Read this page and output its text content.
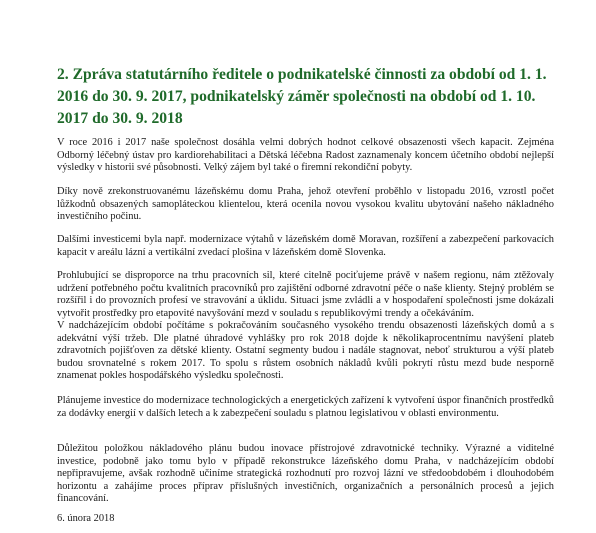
2. Zpráva statutárního ředitele o podnikatelské činnosti za období od 1. 1. 2016 do 30. 9. 2017, podnikatelský záměr společnosti na období od 1. 10. 2017 do 30. 9. 2018

V roce 2016 i 2017 naše společnost dosáhla velmi dobrých hodnot celkové obsazenosti všech kapacit. Zejména Odborný léčebný ústav pro kardiorehabilitaci a Dětská léčebna Radost zaznamenaly koncem účetního období nejlepší výsledky v historii své působnosti. Velký zájem byl také o firemní rekondiční pobyty.

Díky nově zrekonstruovanému lázeňskému domu Praha, jehož otevření proběhlo v listopadu 2016, vzrostl počet lůžkodnů obsazených samopláteckou klientelou, která ocenila novou vysokou kvalitu ubytování našeho nákladného investičního počinu.

Dalšími investicemi byla např. modernizace výtahů v lázeňském domě Moravan, rozšíření a zabezpečení parkovacích kapacit v areálu lázní a vertikální zvedací plošina v lázeňském domě Slovenka.

Prohlubující se disproporce na trhu pracovních sil, které citelně pociťujeme právě v našem regionu, nám ztěžovaly udržení potřebného počtu kvalitních pracovníků pro zajištění odborné zdravotní péče o naše klienty. Stejný problém se rozšířil i do provozních profesí ve stravování a úklidu. Situaci jsme zvládli a v hospodaření společnosti jsme dokázali vytvořit prostředky pro etapovité navyšování mezd v souladu s republikovými trendy a očekáváním.

V nadcházejícím období počítáme s pokračováním současného vysokého trendu obsazenosti lázeňských domů a s adekvátní výší tržeb. Dle platné úhradové vyhlášky pro rok 2018 dojde k několikaprocentnímu navýšení plateb zdravotních pojišťoven za dětské klienty. Ostatní segmenty budou i nadále stagnovat, neboť strukturou a výší plateb budou srovnatelné s rokem 2017. To spolu s růstem osobních nákladů kvůli pokrytí růstu mezd bude nesporně znamenat pokles hospodářského výsledku společnosti.

Plánujeme investice do modernizace technologických a energetických zařízení k vytvoření úspor finančních prostředků za dodávky energií v dalších letech a k zabezpečení souladu s platnou legislativou v oblasti environmentu.

Důležitou položkou nákladového plánu budou inovace přístrojové zdravotnické techniky. Výrazné a viditelné investice, podobně jako tomu bylo v případě rekonstrukce lázeňského domu Praha, v nadcházejícím období nepřipravujeme, avšak rozhodně učiníme strategická rozhodnutí pro rozvoj lázní ve středoobdobém i dlouhodobém horizontu a zahájíme proces příprav příslušných investičních, organizačních a personálních procesů a jejich financování.

6. února 2018
